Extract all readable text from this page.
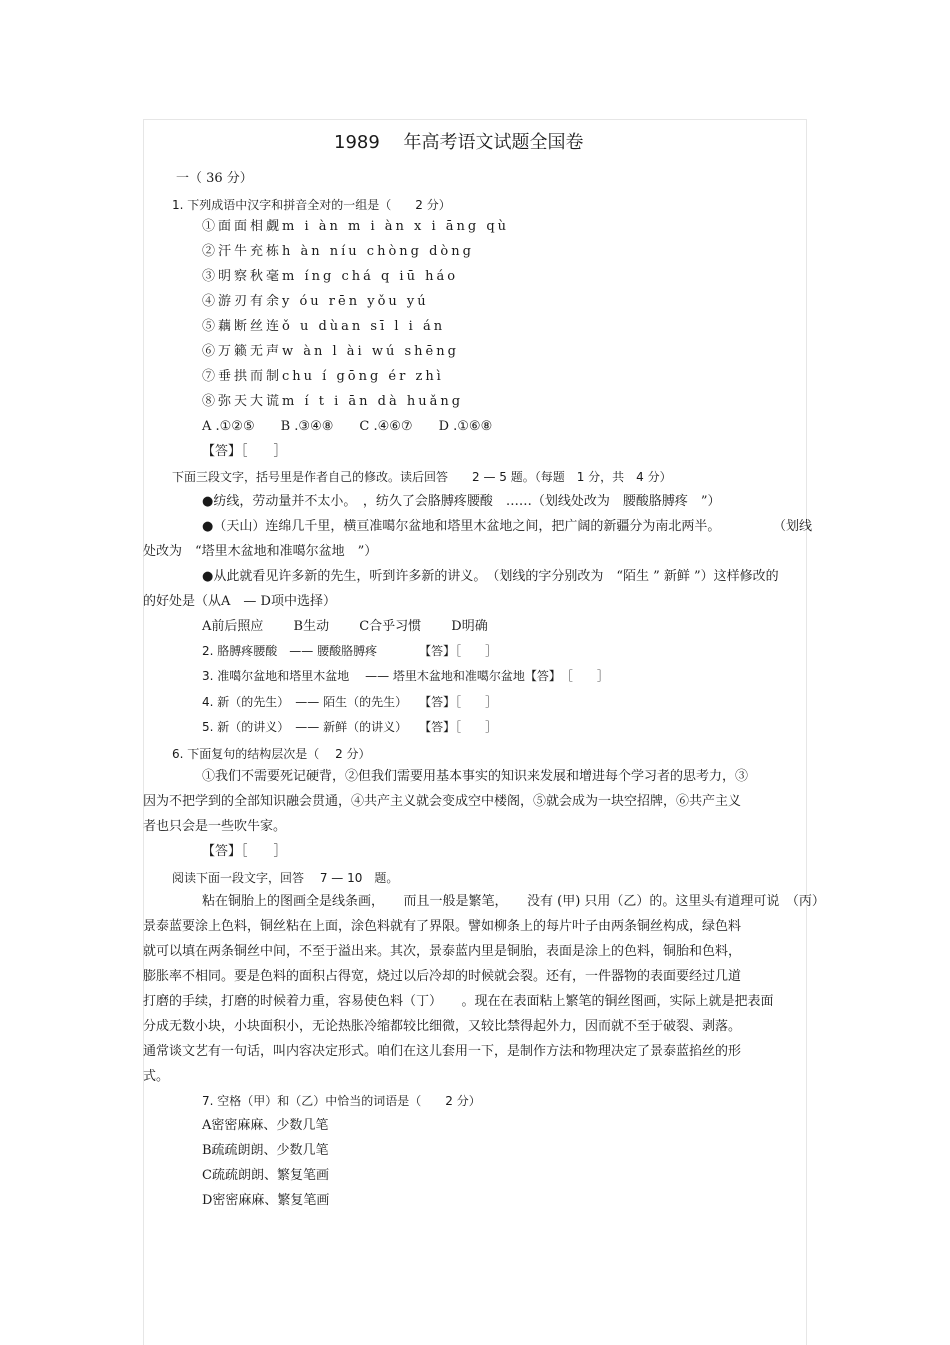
1989　 年高考语文试题全国卷
一（ 36 分）
1. 下列成语中汉字和拼音全对的一组是（　　2 分）
①面面相觑m i àn m i àn x i āng qù
②汗牛充栋h àn níu chòng dòng
③明察秋毫m íng chá q iū háo
④游刃有余y óu rēn yǒu yú
⑤藕断丝连ǒ u dùan sī l i án
⑥万籁无声w àn l ài wú shēng
⑦垂拱而制chu í gōng ér zhì
⑧弥天大谎m í t i ān dà huǎng
A .①②⑤　　B .③④⑧　　C .④⑥⑦　　D .①⑥⑧
【答】［　　］
下面三段文字，括号里是作者自己的修改。读后回答　　2 — 5 题。（每题　1 分，共　4 分）
●纺线，劳动量并不太小。　，纺久了会胳膊疼腰酸　……（划线处改为　腰酸胳膊疼　”）
●（天山）连绵几千里，横亘准噶尔盆地和塔里木盆地之间，把广阔的新疆分为南北两半。	（划线
处改为　“塔里木盆地和准噶尔盆地　”）
●从此就看见许多新的先生，听到许多新的讲义。　（划线的字分别改为　“陌生 ” 新鲜 ”）这样修改的
的好处是（从A　— D项中选择）
A前后照应　　 B生动　　 C合乎习惯　　 D明确
2. 胳膊疼腰酸　—— 腰酸胳膊疼　　　　【答】［　　］
3. 准噶尔盆地和塔里木盆地　 —— 塔里木盆地和准噶尔盆地【答】　［　　］
4. 新（的先生）　—— 陌生（的先生）　　【答】［　　］
5. 新（的讲义）　—— 新鲜（的讲义）　　【答】［　　］
6. 下面复句的结构层次是（　 2 分）
①我们不需要死记硬背，②但我们需要用基本事实的知识来发展和增进每个学习者的思考力，③
因为不把学到的全部知识融会贯通，④共产主义就会变成空中楼阁，⑤就会成为一块空招牌，⑥共产主义
者也只会是一些吹牛家。
【答】［　　］
阅读下面一段文字，回答　 7 — 10　题。
粘在铜胎上的图画全是线条画，　　而且一般是繁笔，　　没有 (甲) 只用（乙）的。这里头有道理可说　（丙）
景泰蓝要涂上色料，铜丝粘在上面，涂色料就有了界限。譬如柳条上的每片叶子由两条铜丝构成，绿色料
就可以填在两条铜丝中间，不至于溢出来。其次，景泰蓝内里是铜胎，表面是涂上的色料，铜胎和色料，
膨胀率不相同。要是色料的面积占得宽，烧过以后冷却的时候就会裂。还有，一件器物的表面要经过几道
打磨的手续，打磨的时候着力重，容易使色料（丁）　　。现在在表面粘上繁笔的铜丝图画，实际上就是把表面
分成无数小块，小块面积小，无论热胀冷缩都较比细微，又较比禁得起外力，因而就不至于破裂、剥落。
通常谈文艺有一句话，叫内容决定形式。咱们在这儿套用一下，是制作方法和物理决定了景泰蓝掐丝的形
式。
7. 空格（甲）和（乙）中恰当的词语是（　　2 分）
A密密麻麻、少数几笔
B疏疏朗朗、少数几笔
C疏疏朗朗、繁复笔画
D密密麻麻、繁复笔画
